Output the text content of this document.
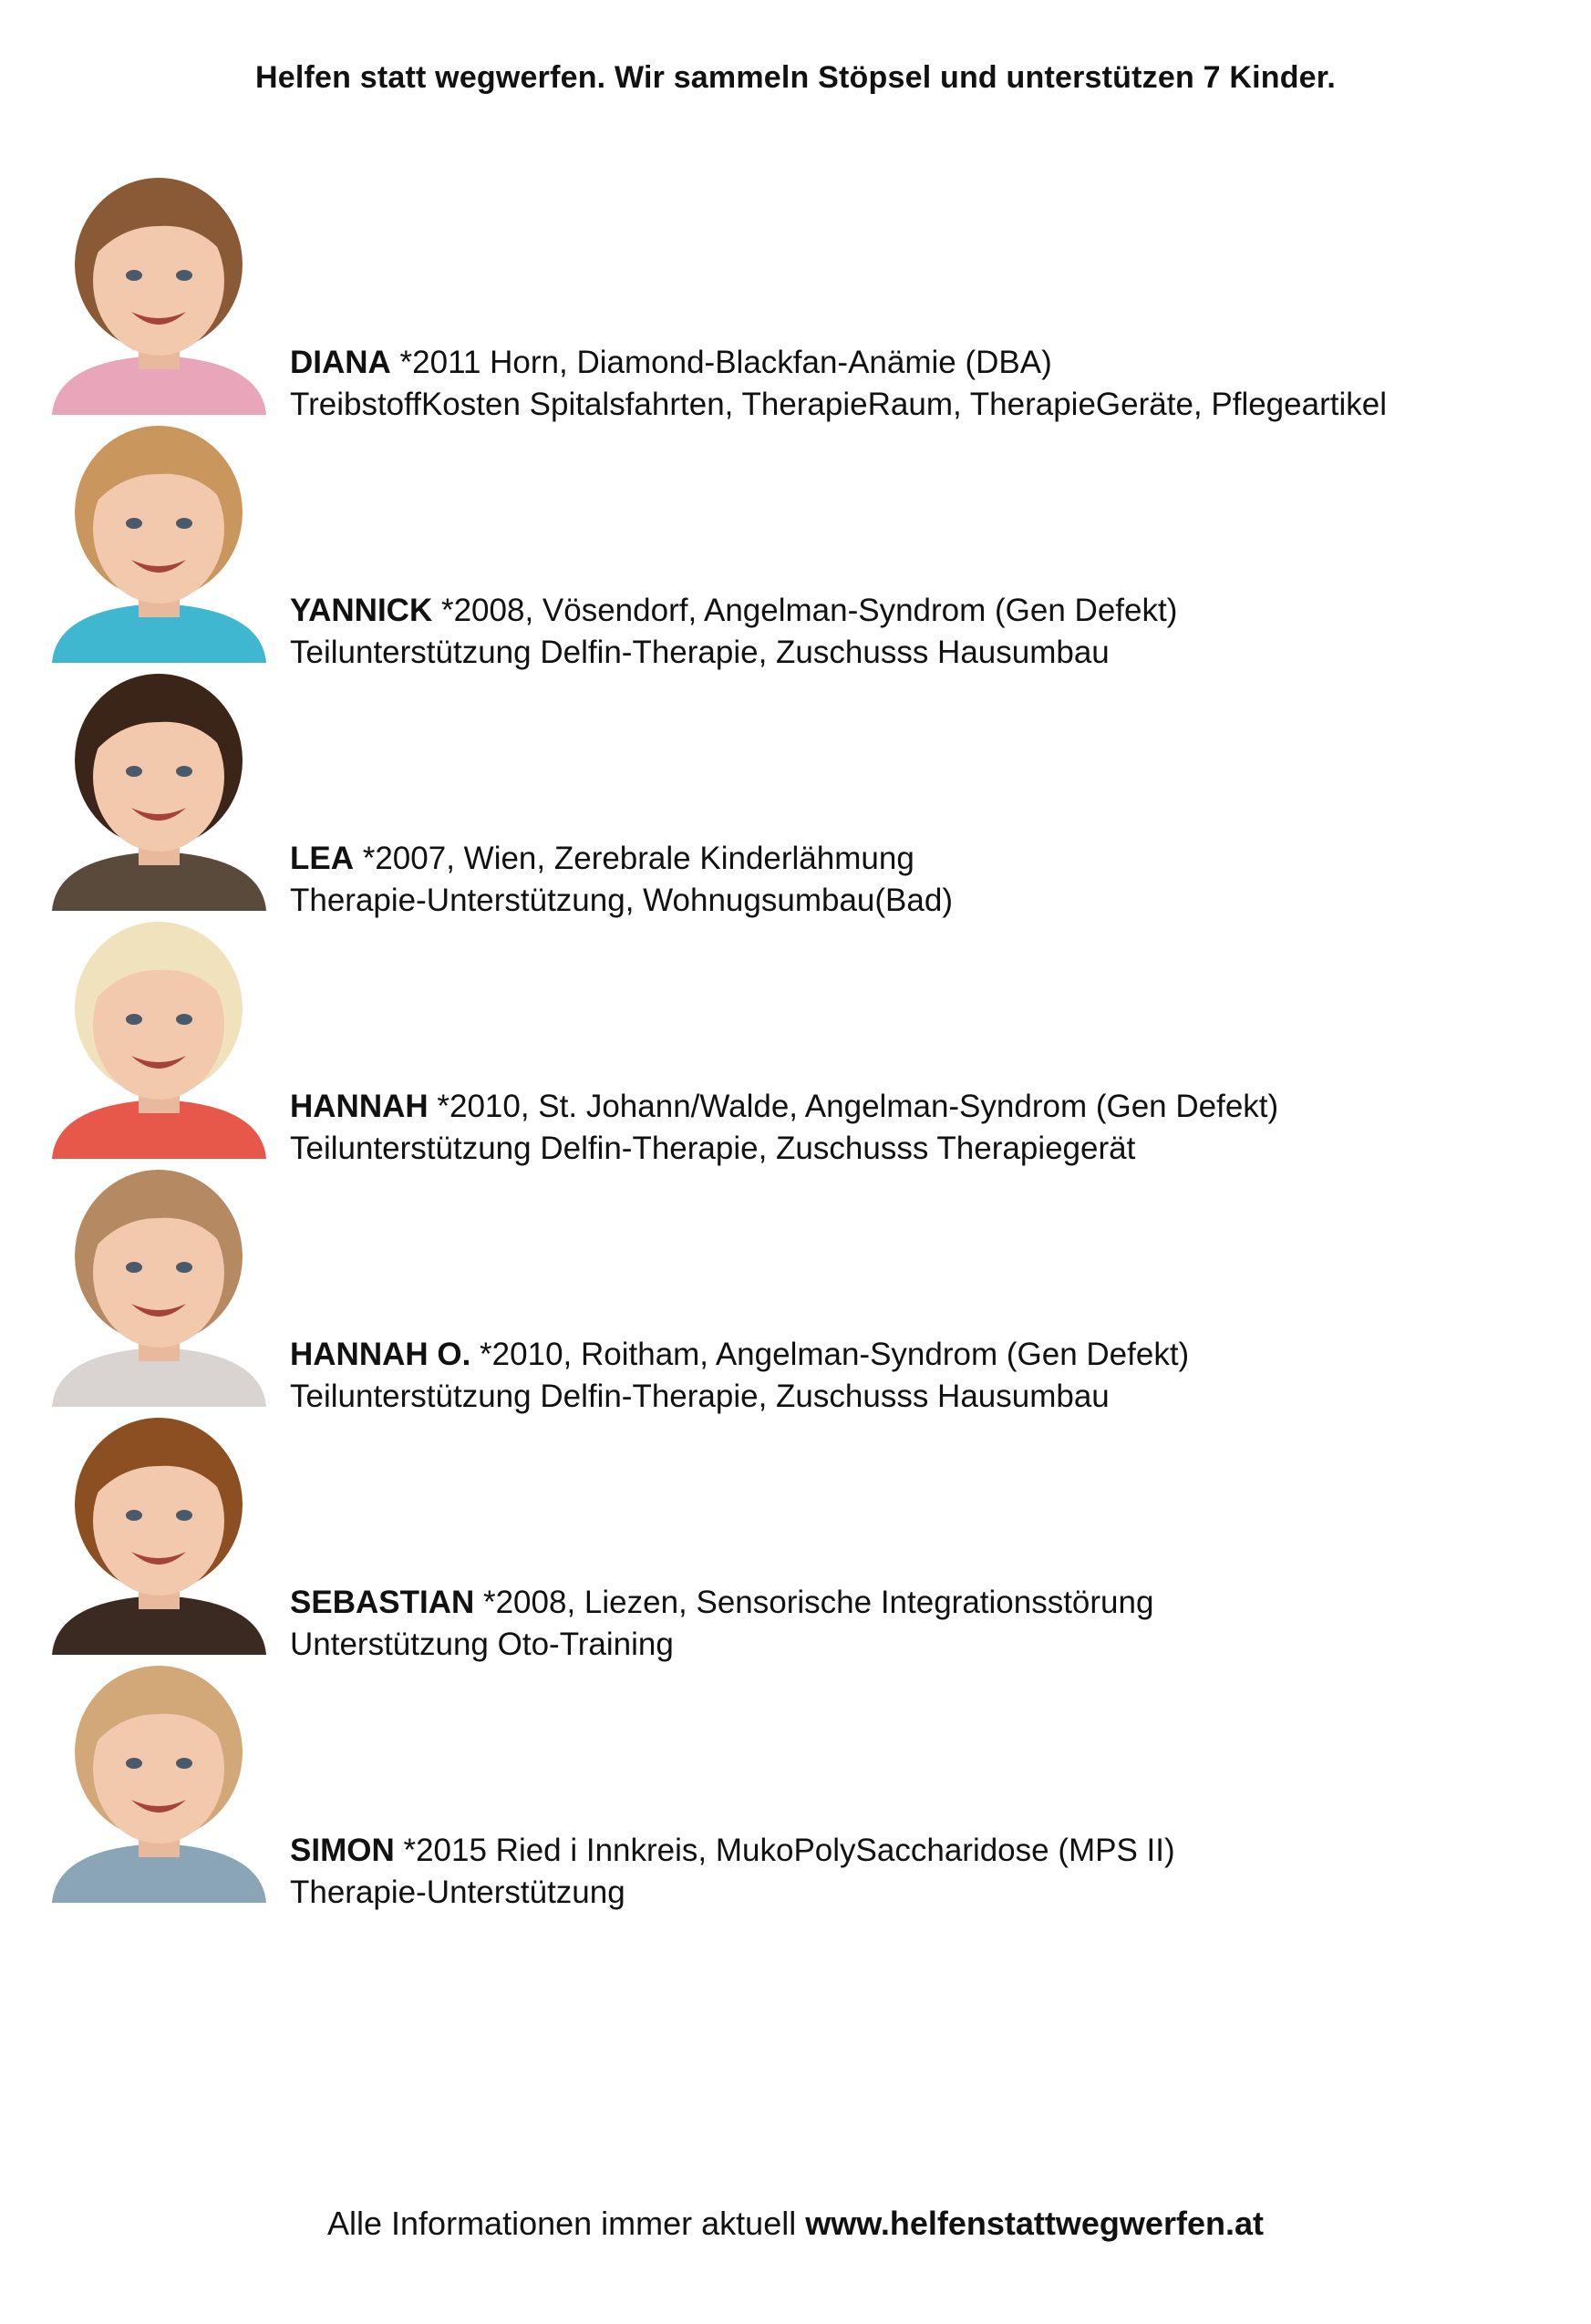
Helfen statt wegwerfen. Wir sammeln Stöpsel und unterstützen 7 Kinder.
DIANA *2011 Horn, Diamond-Blackfan-Anämie (DBA)
TreibstoffKosten Spitalsfahrten, TherapieRaum, TherapieGeräte, Pflegeartikel
YANNICK *2008, Vösendorf, Angelman-Syndrom (Gen Defekt)
Teilunterstützung Delfin-Therapie, Zuschusss Hausumbau
LEA *2007, Wien, Zerebrale Kinderlähmung
Therapie-Unterstützung, Wohnugsumbau(Bad)
HANNAH *2010, St. Johann/Walde, Angelman-Syndrom (Gen Defekt)
Teilunterstützung Delfin-Therapie, Zuschusss Therapiegerät
HANNAH O. *2010, Roitham, Angelman-Syndrom (Gen Defekt)
Teilunterstützung Delfin-Therapie, Zuschusss Hausumbau
SEBASTIAN *2008, Liezen, Sensorische Integrationsstörung
Unterstützung Oto-Training
SIMON *2015 Ried i Innkreis, MukoPolySaccharidose (MPS II)
Therapie-Unterstützung
Alle Informationen immer aktuell www.helfenstattwegwerfen.at
